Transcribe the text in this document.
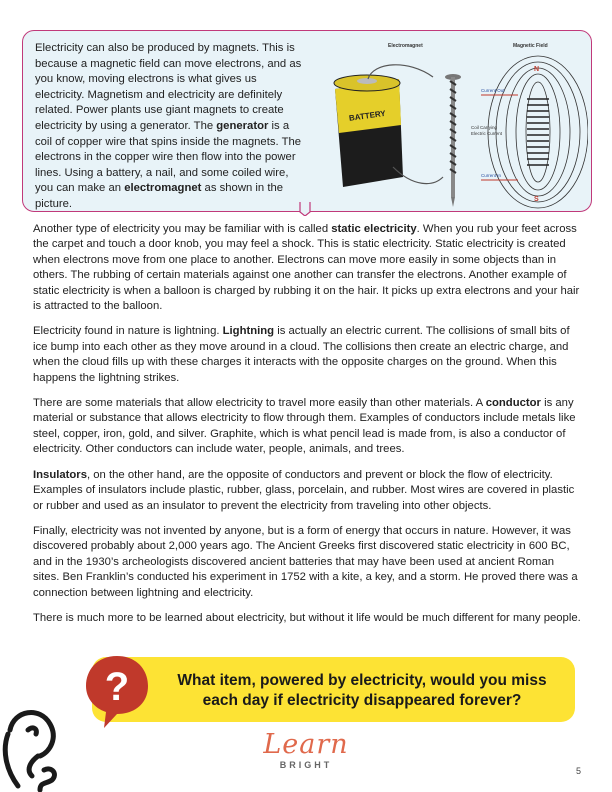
Electricity can also be produced by magnets. This is because a magnetic field can move electrons, and as you know, moving electrons is what gives us electricity. Magnetism and electricity are definitely related. Power plants use giant magnets to create electricity by using a generator. The generator is a coil of copper wire that spins inside the magnets. The electrons in the copper wire then flow into the power lines. Using a battery, a nail, and some coiled wire, you can make an electromagnet as shown in the picture.

Electromagnet	Magnetic Field
BATTERY
N
S
Current Out
Coil Carrying
Electric Current
Current In

Another type of electricity you may be familiar with is called static electricity. When you rub your feet across the carpet and touch a door knob, you may feel a shock. This is static electricity. Static electricity is created when electrons move from one place to another. Electrons can move more easily in some objects than in others. The rubbing of certain materials against one another can transfer the electrons. Another example of static electricity is when a balloon is charged by rubbing it on the hair. It picks up extra electrons and your hair is attracted to the balloon.

Electricity found in nature is lightning. Lightning is actually an electric current. The collisions of small bits of ice bump into each other as they move around in a cloud. The collisions then create an electric charge, and when the cloud fills up with these charges it interacts with the opposite charges on the ground. When this happens the lightning strikes.

There are some materials that allow electricity to travel more easily than other materials. A conductor is any material or substance that allows electricity to flow through them. Examples of conductors include metals like steel, copper, iron, gold, and silver. Graphite, which is what pencil lead is made from, is also a conductor of electricity. Other conductors can include water, people, animals, and trees.

Insulators, on the other hand, are the opposite of conductors and prevent or block the flow of electricity. Examples of insulators include plastic, rubber, glass, porcelain, and rubber. Most wires are covered in plastic or rubber and used as an insulator to prevent the electricity from traveling into other objects.

Finally, electricity was not invented by anyone, but is a form of energy that occurs in nature. However, it was discovered probably about 2,000 years ago. The Ancient Greeks first discovered static electricity in 600 BC, and in the 1930’s archeologists discovered ancient batteries that may have been used at ancient Roman sites. Ben Franklin’s conducted his experiment in 1752 with a kite, a key, and a storm. He proved there was a connection between lightning and electricity.

There is much more to be learned about electricity, but without it life would be much different for many people.

What item, powered by electricity, would you miss
each day if electricity disappeared forever?

?
Learn
BRIGHT
5
